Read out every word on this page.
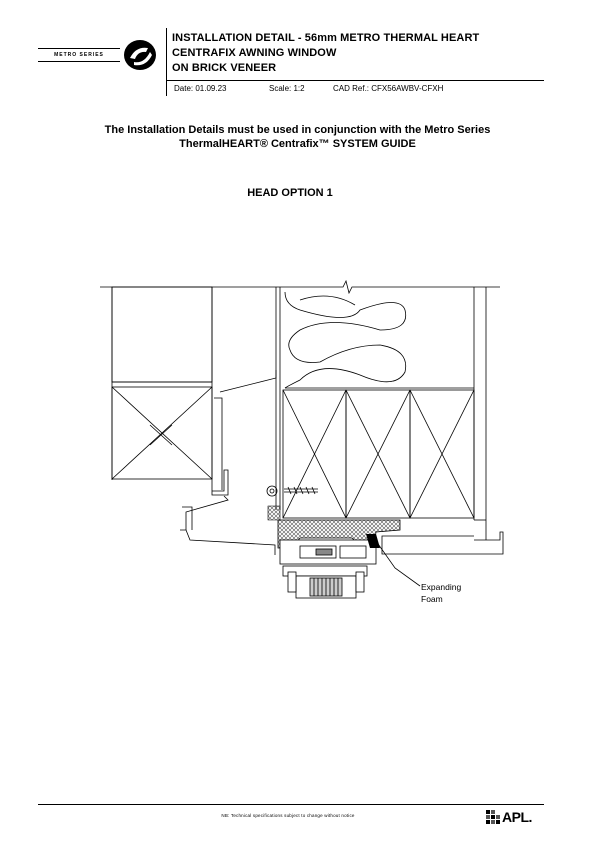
METRO SERIES
INSTALLATION DETAIL - 56mm METRO THERMAL HEART
CENTRAFIX AWNING WINDOW
ON BRICK VENEER
Date: 01.09.23	Scale: 1:2	CAD Ref.: CFX56AWBV-CFXH
The Installation Details must be used in conjunction with the Metro Series
ThermalHEART® Centrafix™ SYSTEM GUIDE
HEAD OPTION 1
Expanding
Foam
NB: Technical specifications subject to change without notice	APL.
